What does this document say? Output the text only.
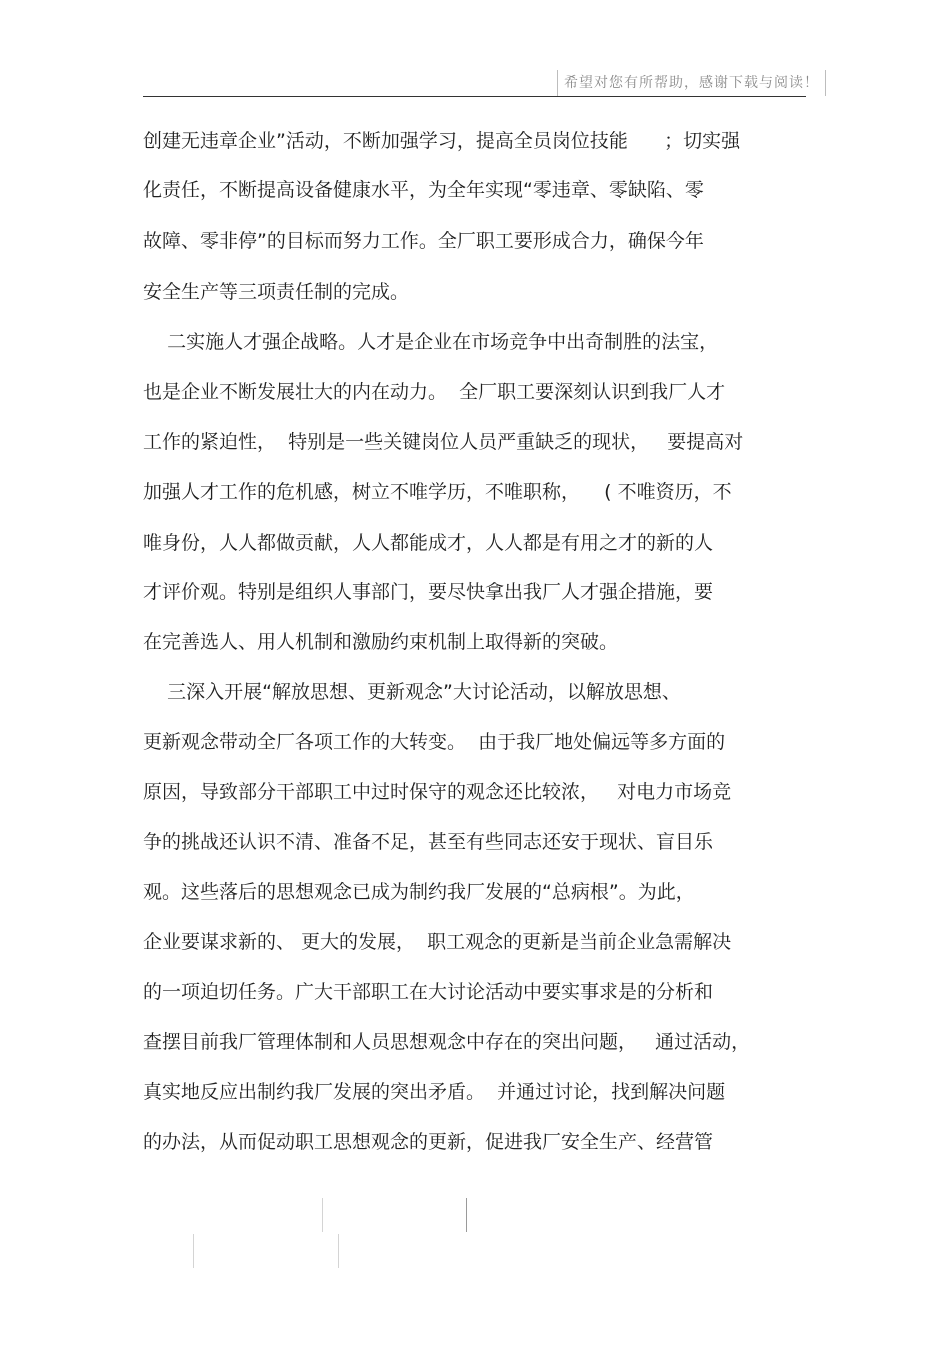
希望对您有所帮助，感谢下载与阅读！
创建无违章企业”活动，不断加强学习，提高全员岗位技能      ；切实强
化责任，不断提高设备健康水平，为全年实现“零违章、零缺陷、零
故障、零非停”的目标而努力工作。全厂职工要形成合力，确保今年
安全生产等三项责任制的完成。
二实施人才强企战略。人才是企业在市场竞争中出奇制胜的法宝，
也是企业不断发展壮大的内在动力。  全厂职工要深刻认识到我厂人才
工作的紧迫性，  特别是一些关键岗位人员严重缺乏的现状，   要提高对
加强人才工作的危机感，树立不唯学历，不唯职称，    ( 不唯资历，不
唯身份，人人都做贡献，人人都能成才，人人都是有用之才的新的人
才评价观。特别是组织人事部门，要尽快拿出我厂人才强企措施，要
在完善选人、用人机制和激励约束机制上取得新的突破。
三深入开展“解放思想、更新观念”大讨论活动，以解放思想、
更新观念带动全厂各项工作的大转变。  由于我厂地处偏远等多方面的
原因，导致部分干部职工中过时保守的观念还比较浓，   对电力市场竞
争的挑战还认识不清、准备不足，甚至有些同志还安于现状、盲目乐
观。这些落后的思想观念已成为制约我厂发展的“总病根”。为此，
企业要谋求新的、 更大的发展，  职工观念的更新是当前企业急需解决
的一项迫切任务。广大干部职工在大讨论活动中要实事求是的分析和
查摆目前我厂管理体制和人员思想观念中存在的突出问题，   通过活动，
真实地反应出制约我厂发展的突出矛盾。  并通过讨论，找到解决问题
的办法，从而促动职工思想观念的更新，促进我厂安全生产、经营管
